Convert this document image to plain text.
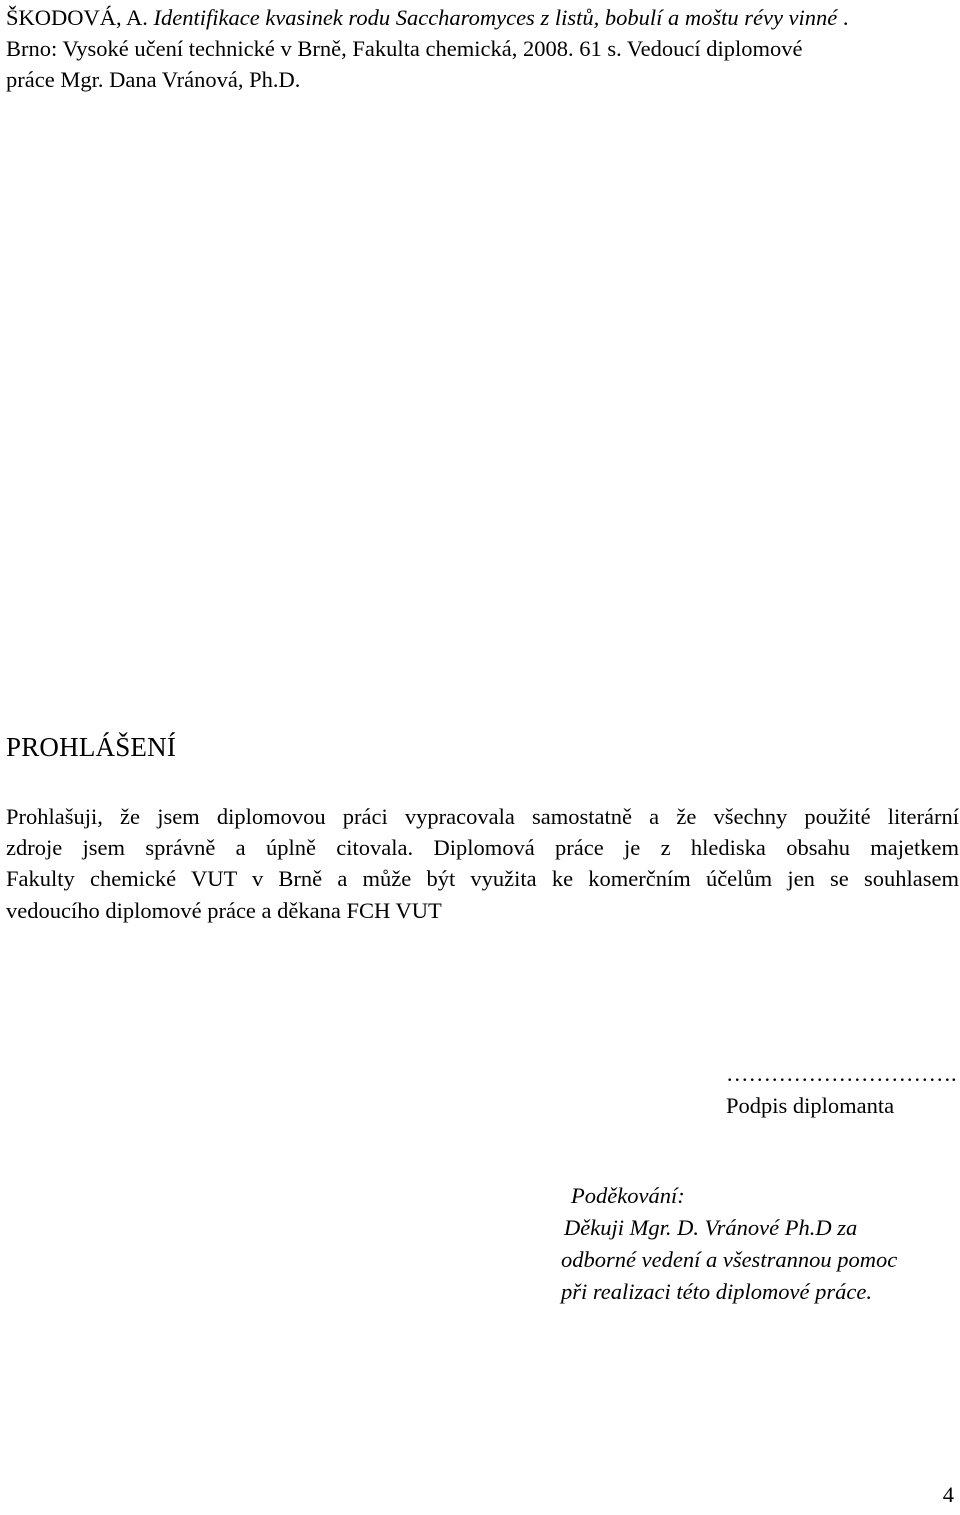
ŠKODOVÁ, A. Identifikace kvasinek rodu Saccharomyces z listů, bobulí a moštu révy vinné .
Brno: Vysoké učení technické v Brně, Fakulta chemická, 2008. 61 s. Vedoucí diplomové
práce Mgr. Dana Vránová, Ph.D.
PROHLÁŠENÍ
Prohlašuji, že jsem diplomovou práci vypracovala samostatně a že všechny použité literární
zdroje jsem správně a úplně citovala. Diplomová práce je z hlediska obsahu majetkem
Fakulty chemické VUT v Brně a může být využita ke komerčním účelům jen se souhlasem
vedoucího diplomové práce a děkana FCH VUT
………………………….
Podpis diplomanta
Poděkování:
Děkuji Mgr. D. Vránové Ph.D za
odborné vedení a všestrannou pomoc
při realizaci této diplomové práce.
4
